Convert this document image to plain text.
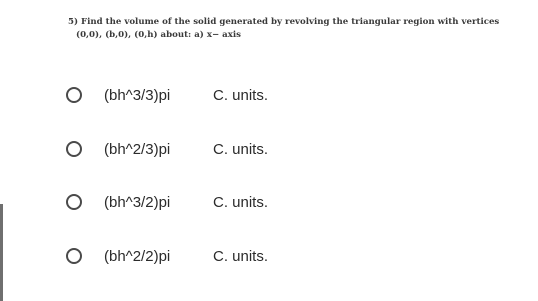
5) Find the volume of the solid generated by revolving the triangular region with vertices
(0,0), (b,0), (0,h) about: a) x− axis
(bh^3/3)pi	C. units.
(bh^2/3)pi	C. units.
(bh^3/2)pi	C. units.
(bh^2/2)pi	C. units.
